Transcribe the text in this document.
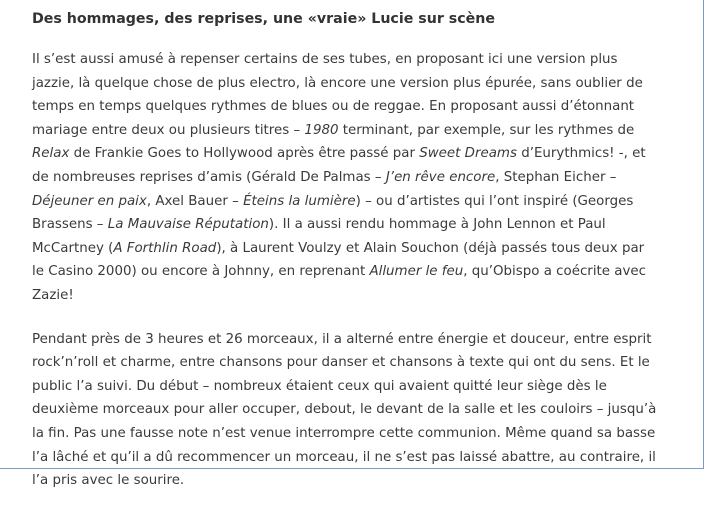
Des hommages, des reprises, une «vraie» Lucie sur scène
Il s’est aussi amusé à repenser certains de ses tubes, en proposant ici une version plus
jazzie, là quelque chose de plus electro, là encore une version plus épurée, sans oublier de
temps en temps quelques rythmes de blues ou de reggae. En proposant aussi d’étonnant
mariage entre deux ou plusieurs titres – 1980 terminant, par exemple, sur les rythmes de
Relax de Frankie Goes to Hollywood après être passé par Sweet Dreams d’Eurythmics! -, et
de nombreuses reprises d’amis (Gérald De Palmas – J’en rêve encore, Stephan Eicher –
Déjeuner en paix, Axel Bauer – Éteins la lumière) – ou d’artistes qui l’ont inspiré (Georges
Brassens – La Mauvaise Réputation). Il a aussi rendu hommage à John Lennon et Paul
McCartney (A Forthlin Road), à Laurent Voulzy et Alain Souchon (déjà passés tous deux par
le Casino 2000) ou encore à Johnny, en reprenant Allumer le feu, qu’Obispo a coécrite avec
Zazie!
Pendant près de 3 heures et 26 morceaux, il a alterné entre énergie et douceur, entre esprit
rock’n’roll et charme, entre chansons pour danser et chansons à texte qui ont du sens. Et le
public l’a suivi. Du début – nombreux étaient ceux qui avaient quitté leur siège dès le
deuxième morceaux pour aller occuper, debout, le devant de la salle et les couloirs – jusqu’à
la fin. Pas une fausse note n’est venue interrompre cette communion. Même quand sa basse
l’a lâché et qu’il a dû recommencer un morceau, il ne s’est pas laissé abattre, au contraire, il
l’a pris avec le sourire.
